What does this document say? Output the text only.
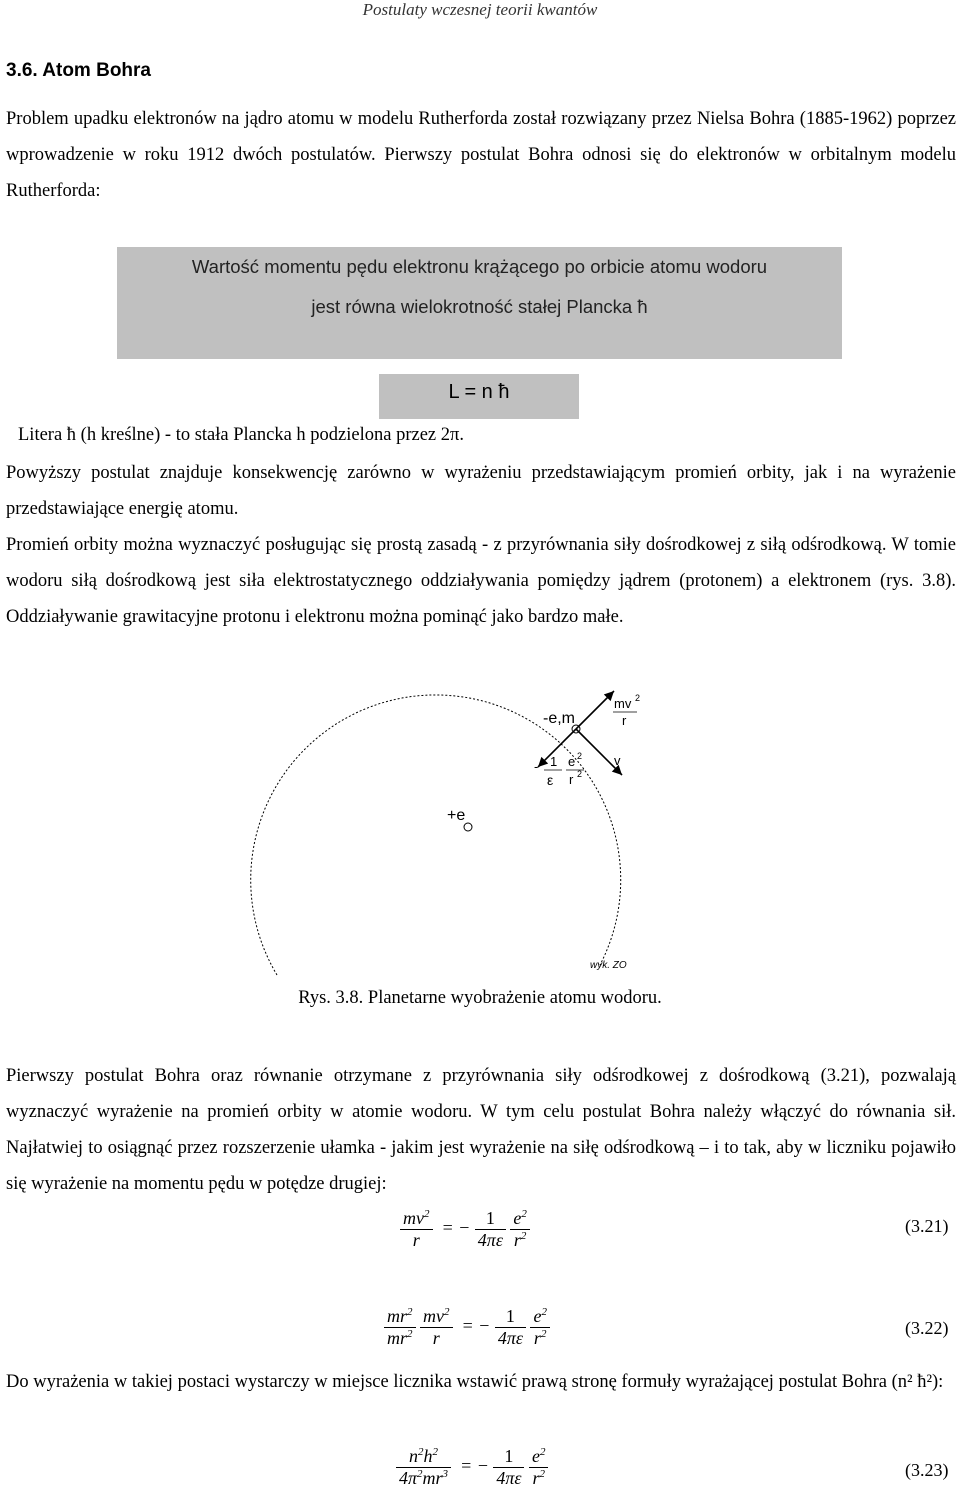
Postulaty wczesnej teorii kwantów
3.6. Atom Bohra
Problem upadku elektronów na jądro atomu w modelu Rutherforda został rozwiązany przez Nielsa Bohra (1885-1962) poprzez wprowadzenie w roku 1912 dwóch postulatów. Pierwszy postulat Bohra odnosi się do elektronów w orbitalnym modelu Rutherforda:
Wartość momentu pędu elektronu krążącego po orbicie atomu wodoru
jest równa wielokrotność stałej Plancka ħ
L = n ħ
Litera ħ (h kreślne) - to stała Plancka h podzielona przez 2π.
Powyższy postulat znajduje konsekwencję zarówno w wyrażeniu przedstawiającym promień orbity, jak i na wyrażenie przedstawiające energię atomu.
Promień orbity można wyznaczyć posługując się prostą zasadą - z przyrównania siły dośrodkowej z siłą odśrodkową. W tomie wodoru siłą dośrodkową jest siła elektrostatycznego oddziaływania pomiędzy jądrem (protonem) a elektronem (rys. 3.8). Oddziaływanie grawitacyjne protonu i elektronu można pominąć jako bardzo małe.
+e
-e,m
mv 2
r
- 1
ε
e 2
r 2
v
wyk. ZO
Rys. 3.8. Planetarne wyobrażenie atomu wodoru.
Pierwszy postulat Bohra oraz równanie otrzymane z przyrównania siły odśrodkowej z dośrodkową (3.21), pozwalają wyznaczyć wyrażenie na promień orbity w atomie wodoru. W tym celu postulat Bohra należy włączyć do równania sił. Najłatwiej to osiągnąć przez rozszerzenie ułamka - jakim jest wyrażenie na siłę odśrodkową – i to tak, aby w liczniku pojawiło się wyrażenie na momentu pędu w potędze drugiej:
$\frac{mv^2}{r}$ = − $\frac{1}{4\pi\varepsilon}$
$\frac{e^2}{r^2}$	(3.21)
$\frac{mr^2}{mr^2}$
$\frac{mv^2}{r}$ = − $\frac{1}{4\pi\varepsilon}$
$\frac{e^2}{r^2}$	(3.22)
Do wyrażenia w takiej postaci wystarczy w miejsce licznika wstawić prawą stronę formuły wyrażającej postulat Bohra (n² ħ²):
$\frac{n^2h^2}{4\pi^2mr^3}$ = − $\frac{1}{4\pi\varepsilon}$
$\frac{e^2}{r^2}$	(3.23)
